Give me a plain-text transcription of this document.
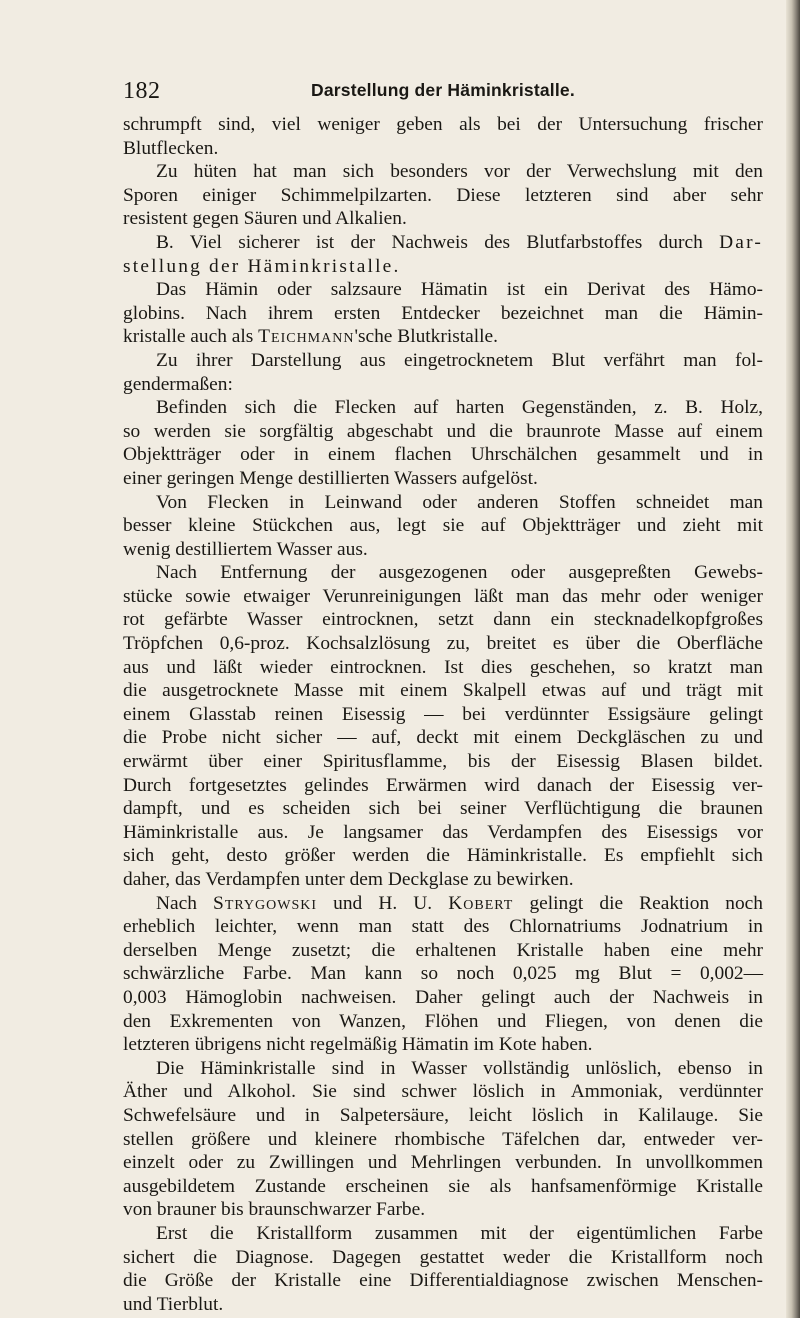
182	Darstellung der Häminkristalle.

schrumpft sind, viel weniger geben als bei der Untersuchung frischer

Blutflecken.

Zu hüten hat man sich besonders vor der Verwechslung mit den

Sporen einiger Schimmelpilzarten. Diese letzteren sind aber sehr

resistent gegen Säuren und Alkalien.

B. Viel sicherer ist der Nachweis des Blutfarbstoffes durch Dar-

stellung der Häminkristalle.

Das Hämin oder salzsaure Hämatin ist ein Derivat des Hämo-

globins. Nach ihrem ersten Entdecker bezeichnet man die Hämin-

kristalle auch als Teichmann'sche Blutkristalle.

Zu ihrer Darstellung aus eingetrocknetem Blut verfährt man fol-

gendermaßen:

Befinden sich die Flecken auf harten Gegenständen, z. B. Holz,

so werden sie sorgfältig abgeschabt und die braunrote Masse auf einem

Objektträger oder in einem flachen Uhrschälchen gesammelt und in

einer geringen Menge destillierten Wassers aufgelöst.

Von Flecken in Leinwand oder anderen Stoffen schneidet man

besser kleine Stückchen aus, legt sie auf Objektträger und zieht mit

wenig destilliertem Wasser aus.

Nach Entfernung der ausgezogenen oder ausgepreßten Gewebs-

stücke sowie etwaiger Verunreinigungen läßt man das mehr oder weniger

rot gefärbte Wasser eintrocknen, setzt dann ein stecknadelkopfgroßes

Tröpfchen 0,6-proz. Kochsalzlösung zu, breitet es über die Oberfläche

aus und läßt wieder eintrocknen. Ist dies geschehen, so kratzt man

die ausgetrocknete Masse mit einem Skalpell etwas auf und trägt mit

einem Glasstab reinen Eisessig — bei verdünnter Essigsäure gelingt

die Probe nicht sicher — auf, deckt mit einem Deckgläschen zu und

erwärmt über einer Spiritusflamme, bis der Eisessig Blasen bildet.

Durch fortgesetztes gelindes Erwärmen wird danach der Eisessig ver-

dampft, und es scheiden sich bei seiner Verflüchtigung die braunen

Häminkristalle aus. Je langsamer das Verdampfen des Eisessigs vor

sich geht, desto größer werden die Häminkristalle. Es empfiehlt sich

daher, das Verdampfen unter dem Deckglase zu bewirken.

Nach Strygowski und H. U. Kobert gelingt die Reaktion noch

erheblich leichter, wenn man statt des Chlornatriums Jodnatrium in

derselben Menge zusetzt; die erhaltenen Kristalle haben eine mehr

schwärzliche Farbe. Man kann so noch 0,025 mg Blut = 0,002—

0,003 Hämoglobin nachweisen. Daher gelingt auch der Nachweis in

den Exkrementen von Wanzen, Flöhen und Fliegen, von denen die

letzteren übrigens nicht regelmäßig Hämatin im Kote haben.

Die Häminkristalle sind in Wasser vollständig unlöslich, ebenso in

Äther und Alkohol. Sie sind schwer löslich in Ammoniak, verdünnter

Schwefelsäure und in Salpetersäure, leicht löslich in Kalilauge. Sie

stellen größere und kleinere rhombische Täfelchen dar, entweder ver-

einzelt oder zu Zwillingen und Mehrlingen verbunden. In unvollkommen

ausgebildetem Zustande erscheinen sie als hanfsamenförmige Kristalle

von brauner bis braunschwarzer Farbe.

Erst die Kristallform zusammen mit der eigentümlichen Farbe

sichert die Diagnose. Dagegen gestattet weder die Kristallform noch

die Größe der Kristalle eine Differentialdiagnose zwischen Menschen-

und Tierblut.
